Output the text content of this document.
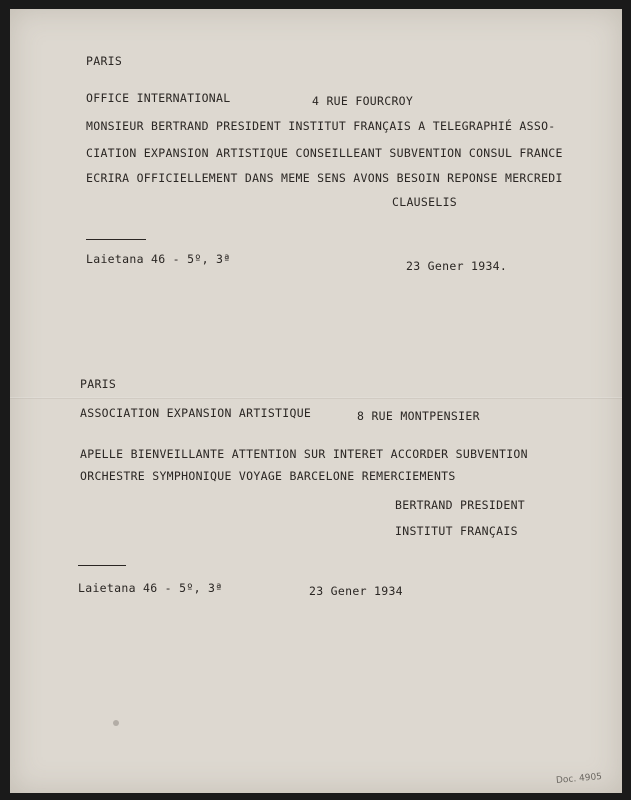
PARIS
OFFICE INTERNATIONAL	4 RUE FOURCROY
MONSIEUR BERTRAND PRESIDENT INSTITUT FRANÇAIS A TELEGRAPHIÉ ASSO-
CIATION EXPANSION ARTISTIQUE CONSEILLEANT SUBVENTION CONSUL FRANCE
ECRIRA OFFICIELLEMENT DANS MEME SENS AVONS BESOIN REPONSE MERCREDI
CLAUSELIS
Laietana 46 - 5º, 3ª	23 Gener 1934.
PARIS
ASSOCIATION EXPANSION ARTISTIQUE	8 RUE MONTPENSIER
APELLE BIENVEILLANTE ATTENTION SUR INTERET ACCORDER SUBVENTION
ORCHESTRE SYMPHONIQUE VOYAGE BARCELONE REMERCIEMENTS
BERTRAND PRESIDENT
INSTITUT FRANÇAIS
Laietana 46 - 5º, 3ª	23 Gener 1934
Doc. 4905
